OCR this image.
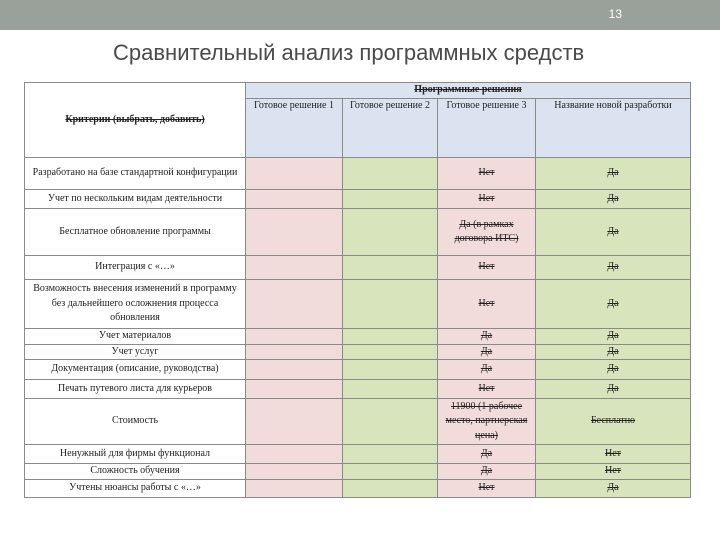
13
Сравнительный анализ программных средств
Критерии (выбрать, добавить)	Программные решения			
	Готовое решение 1	Готовое решение 2	Готовое решение 3	Название новой разработки
Разработано на базе стандартной конфигурации			Нет	Да
Учет по нескольким видам деятельности			Нет	Да
Бесплатное обновление программы			Да (в рамках договора ИТС)	Да
Интеграция с «…»			Нет	Да
Возможность внесения изменений в программу без дальнейшего осложнения процесса обновления			Нет	Да
Учет материалов			Да	Да
Учет услуг			Да	Да
Документация (описание, руководства)			Да	Да
Печать путевого листа для курьеров			Нет	Да
Стоимость			11900 (1 рабочее место, партнерская цена)	Бесплатно
Ненужный для фирмы функционал			Да	Нет
Сложность обучения			Да	Нет
Учтены нюансы работы с «…»			Нет	Да
